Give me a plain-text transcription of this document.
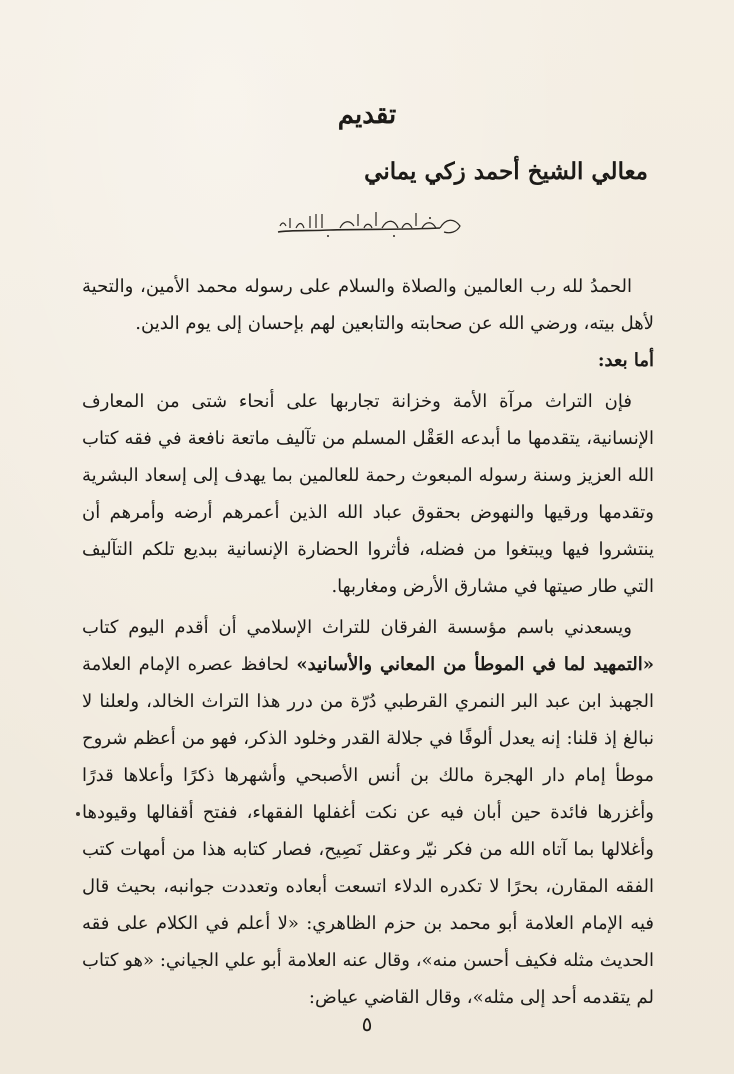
تقديم
معالي الشيخ أحمد زكي يماني

الحمدُ لله رب العالمين والصلاة والسلام على رسوله محمد الأمين، والتحية لأهل بيته، ورضي الله عن صحابته والتابعين لهم بإحسان إلى يوم الدين.

أما بعد:

فإن التراث مرآة الأمة وخزانة تجاربها على أنحاء شتى من المعارف الإنسانية، يتقدمها ما أبدعه العَقْل المسلم من تآليف ماتعة نافعة في فقه كتاب الله العزيز وسنة رسوله المبعوث رحمة للعالمين بما يهدف إلى إسعاد البشرية وتقدمها ورقيها والنهوض بحقوق عباد الله الذين أعمرهم أرضه وأمرهم أن ينتشروا فيها ويبتغوا من فضله، فأثروا الحضارة الإنسانية ببديع تلكم التآليف التي طار صيتها في مشارق الأرض ومغاربها.

ويسعدني باسم مؤسسة الفرقان للتراث الإسلامي أن أقدم اليوم كتاب «التمهيد لما في الموطأ من المعاني والأسانيد» لحافظ عصره الإمام العلامة الجهبذ ابن عبد البر النمري القرطبي دُرّة من درر هذا التراث الخالد، ولعلنا لا نبالغ إذ قلنا: إنه يعدل ألوفًا في جلالة القدر وخلود الذكر، فهو من أعظم شروح موطأ إمام دار الهجرة مالك بن أنس الأصبحي وأشهرها ذكرًا وأعلاها قدرًا وأغزرها فائدة حين أبان فيه عن نكت أغفلها الفقهاء، ففتح أقفالها وقيودها وأغلالها بما آتاه الله من فكر نيّر وعقل نَصِيح، فصار كتابه هذا من أمهات كتب الفقه المقارن، بحرًا لا تكدره الدلاء اتسعت أبعاده وتعددت جوانبه، بحيث قال فيه الإمام العلامة أبو محمد بن حزم الظاهري: «لا أعلم في الكلام على فقه الحديث مثله فكيف أحسن منه»، وقال عنه العلامة أبو علي الجياني: «هو كتاب لم يتقدمه أحد إلى مثله»، وقال القاضي عياض:

٥
